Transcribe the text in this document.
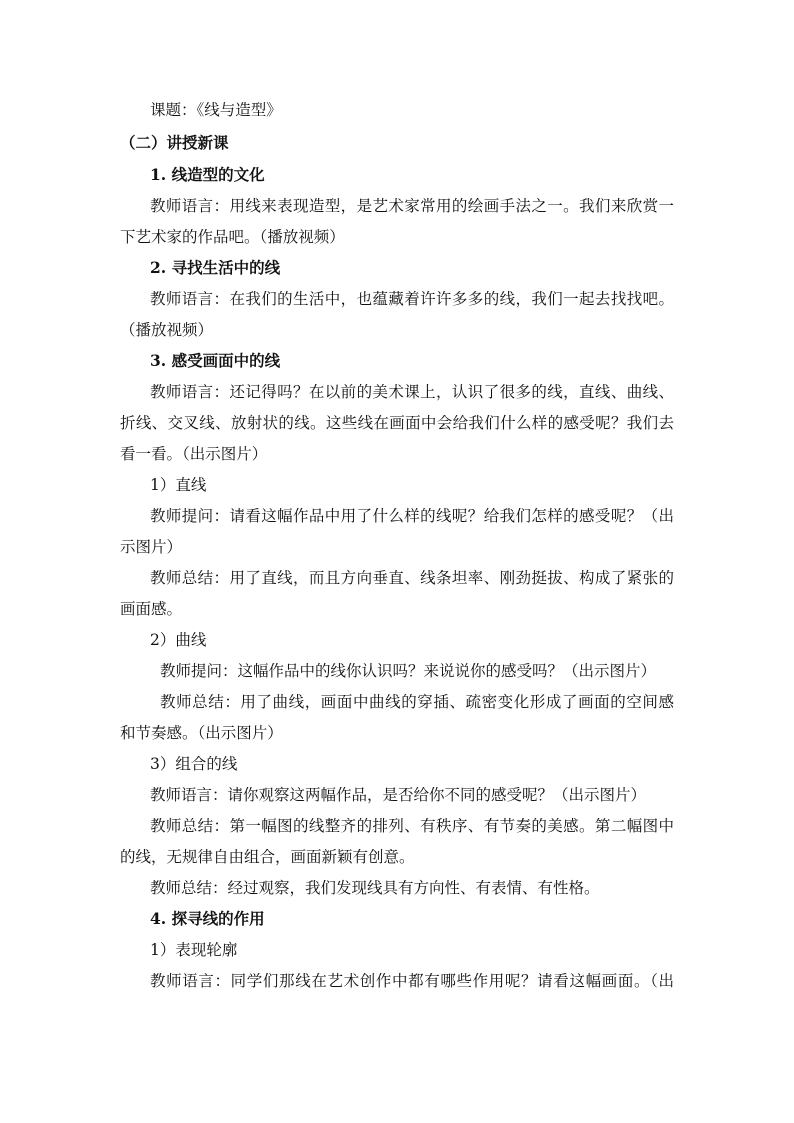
课题：《线与造型》
（二）讲授新课
1. 线造型的文化
教师语言：用线来表现造型，是艺术家常用的绘画手法之一。我们来欣赏一
下艺术家的作品吧。（播放视频）
2. 寻找生活中的线
教师语言：在我们的生活中，也蕴藏着许许多多的线，我们一起去找找吧。
（播放视频）
3. 感受画面中的线
教师语言：还记得吗？在以前的美术课上，认识了很多的线，直线、曲线、
折线、交叉线、放射状的线。这些线在画面中会给我们什么样的感受呢？我们去
看一看。（出示图片）
1）直线
教师提问：请看这幅作品中用了什么样的线呢？给我们怎样的感受呢？（出
示图片）
教师总结：用了直线，而且方向垂直、线条坦率、刚劲挺拔、构成了紧张的
画面感。
2）曲线
教师提问：这幅作品中的线你认识吗？来说说你的感受吗？（出示图片）
教师总结：用了曲线，画面中曲线的穿插、疏密变化形成了画面的空间感
和节奏感。（出示图片）
3）组合的线
教师语言：请你观察这两幅作品，是否给你不同的感受呢？（出示图片）
教师总结：第一幅图的线整齐的排列、有秩序、有节奏的美感。第二幅图中
的线，无规律自由组合，画面新颖有创意。
教师总结：经过观察，我们发现线具有方向性、有表情、有性格。
4. 探寻线的作用
1）表现轮廓
教师语言：同学们那线在艺术创作中都有哪些作用呢？请看这幅画面。（出
